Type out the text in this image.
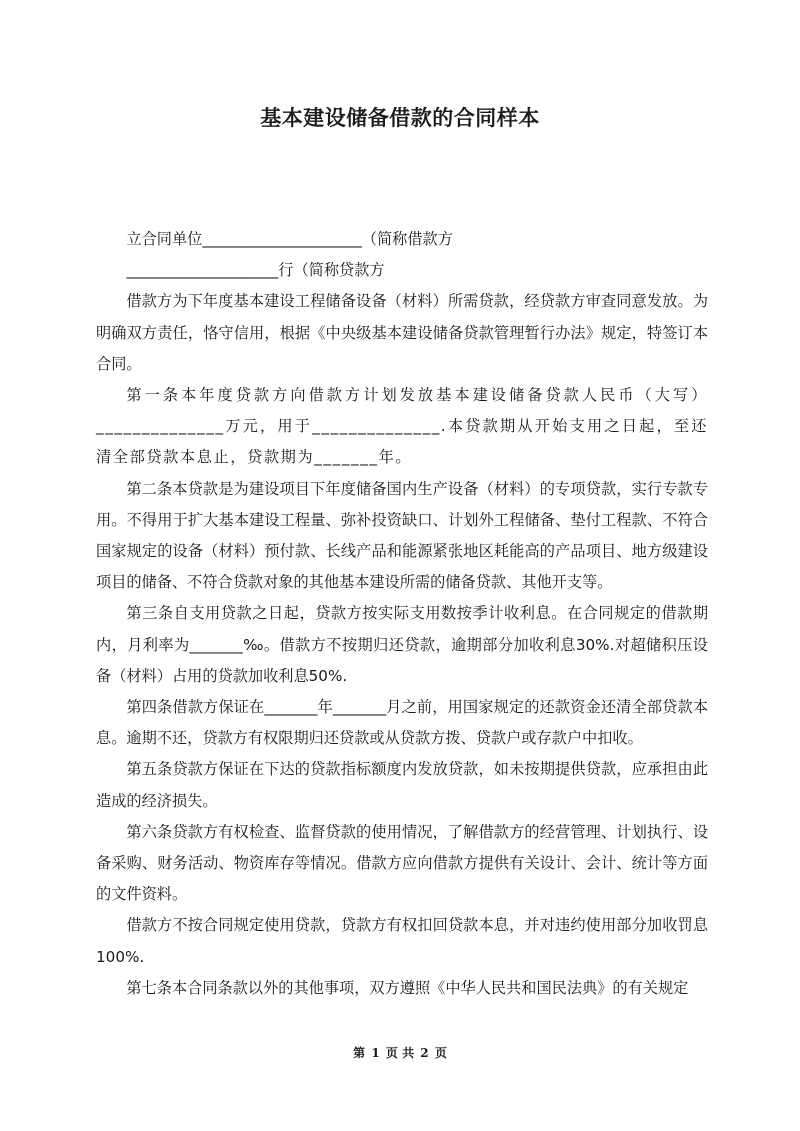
基本建设储备借款的合同样本

立合同单位_____________________（简称借款方

____________________行（简称贷款方

借款方为下年度基本建设工程储备设备（材料）所需贷款，经贷款方审查同意发放。为明确双方责任，恪守信用，根据《中央级基本建设储备贷款管理暂行办法》规定，特签订本合同。

第一条本年度贷款方向借款方计划发放基本建设储备贷款人民币（大写）______________万元，用于______________.本贷款期从开始支用之日起，至还清全部贷款本息止，贷款期为_______年。

第二条本贷款是为建设项目下年度储备国内生产设备（材料）的专项贷款，实行专款专用。不得用于扩大基本建设工程量、弥补投资缺口、计划外工程储备、垫付工程款、不符合国家规定的设备（材料）预付款、长线产品和能源紧张地区耗能高的产品项目、地方级建设项目的储备、不符合贷款对象的其他基本建设所需的储备贷款、其他开支等。

第三条自支用贷款之日起，贷款方按实际支用数按季计收利息。在合同规定的借款期内，月利率为_______‰。借款方不按期归还贷款，逾期部分加收利息30%.对超储积压设备（材料）占用的贷款加收利息50%.

第四条借款方保证在_______年_______月之前，用国家规定的还款资金还清全部贷款本息。逾期不还，贷款方有权限期归还贷款或从贷款方拨、贷款户或存款户中扣收。

第五条贷款方保证在下达的贷款指标额度内发放贷款，如未按期提供贷款，应承担由此造成的经济损失。

第六条贷款方有权检查、监督贷款的使用情况，了解借款方的经营管理、计划执行、设备采购、财务活动、物资库存等情况。借款方应向借款方提供有关设计、会计、统计等方面的文件资料。

借款方不按合同规定使用贷款，贷款方有权扣回贷款本息，并对违约使用部分加收罚息100%.

第七条本合同条款以外的其他事项，双方遵照《中华人民共和国民法典》的有关规定

第 1 页 共 2 页
